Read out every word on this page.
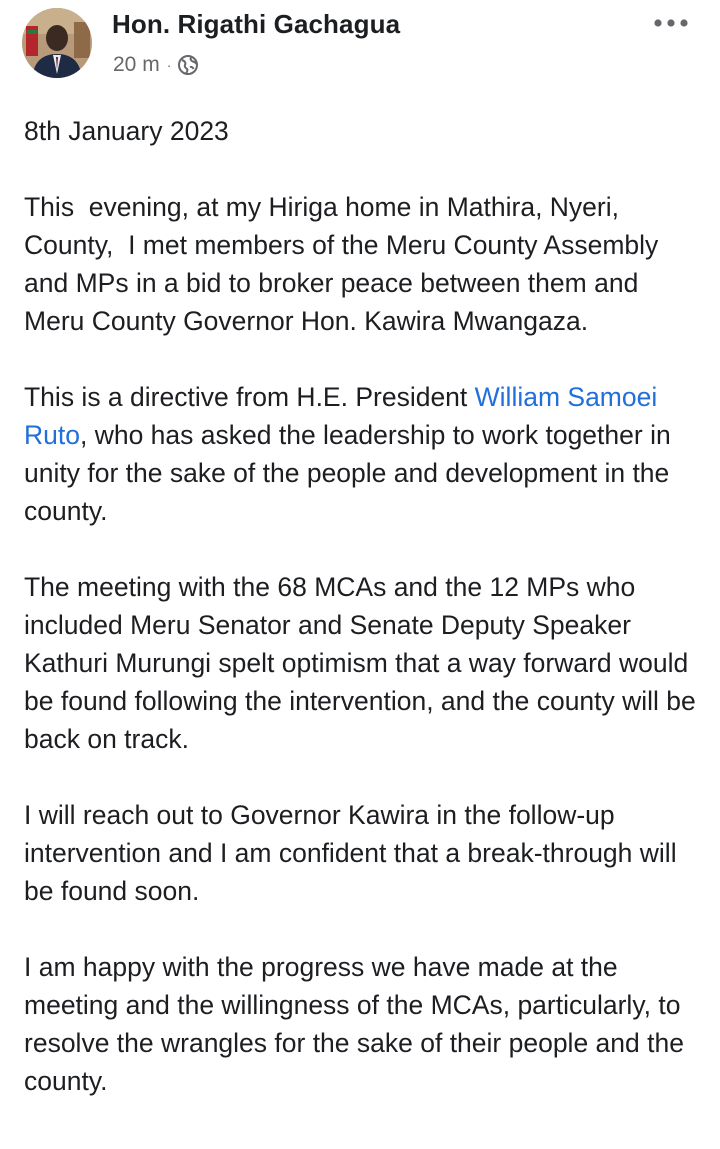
Hon. Rigathi Gachagua
20 m ·

8th January 2023

This  evening, at my Hiriga home in Mathira, Nyeri, County,  I met members of the Meru County Assembly and MPs in a bid to broker peace between them and Meru County Governor Hon. Kawira Mwangaza.

This is a directive from H.E. President William Samoei Ruto, who has asked the leadership to work together in unity for the sake of the people and development in the county.

The meeting with the 68 MCAs and the 12 MPs who included Meru Senator and Senate Deputy Speaker Kathuri Murungi spelt optimism that a way forward would be found following the intervention, and the county will be back on track.

I will reach out to Governor Kawira in the follow-up intervention and I am confident that a break-through will be found soon.

I am happy with the progress we have made at the meeting and the willingness of the MCAs, particularly, to resolve the wrangles for the sake of their people and the county.
